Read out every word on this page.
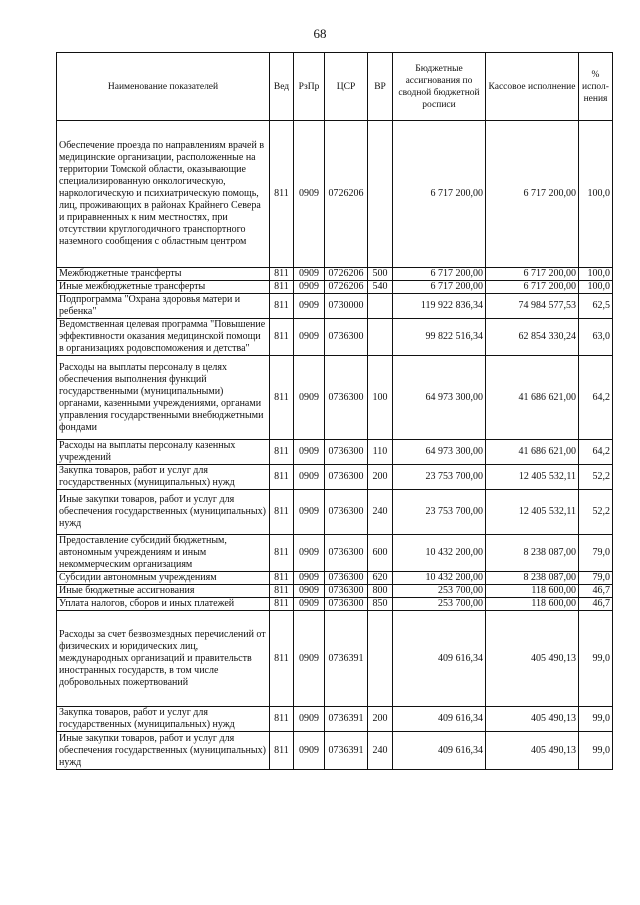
68
Наименование показателей	Вед	РзПр	ЦСР	ВР	Бюджетные ассигнования по сводной бюджетной росписи	Кассовое исполнение	% испол-нения
Обеспечение проезда по направлениям врачей в медицинские организации, расположенные на территории Томской области, оказывающие специализированную онкологическую, наркологическую и психиатрическую помощь, лиц, проживающих в районах Крайнего Севера и приравненных к ним местностях, при отсутствии круглогодичного транспортного наземного сообщения с областным центром	811	0909	0726206		6 717 200,00	6 717 200,00	100,0
Межбюджетные трансферты	811	0909	0726206	500	6 717 200,00	6 717 200,00	100,0
Иные межбюджетные трансферты	811	0909	0726206	540	6 717 200,00	6 717 200,00	100,0
Подпрограмма "Охрана здоровья матери и ребенка"	811	0909	0730000		119 922 836,34	74 984 577,53	62,5
Ведомственная целевая программа "Повышение эффективности оказания медицинской помощи в организациях родовспоможения и детства"	811	0909	0736300		99 822 516,34	62 854 330,24	63,0
Расходы на выплаты персоналу в целях обеспечения выполнения функций государственными (муниципальными) органами, казенными учреждениями, органами управления государственными внебюджетными фондами	811	0909	0736300	100	64 973 300,00	41 686 621,00	64,2
Расходы на выплаты персоналу казенных учреждений	811	0909	0736300	110	64 973 300,00	41 686 621,00	64,2
Закупка товаров, работ и услуг для государственных (муниципальных) нужд	811	0909	0736300	200	23 753 700,00	12 405 532,11	52,2
Иные закупки товаров, работ и услуг для обеспечения государственных (муниципальных) нужд	811	0909	0736300	240	23 753 700,00	12 405 532,11	52,2
Предоставление субсидий бюджетным, автономным учреждениям и иным некоммерческим организациям	811	0909	0736300	600	10 432 200,00	8 238 087,00	79,0
Субсидии автономным учреждениям	811	0909	0736300	620	10 432 200,00	8 238 087,00	79,0
Иные бюджетные ассигнования	811	0909	0736300	800	253 700,00	118 600,00	46,7
Уплата налогов, сборов и иных платежей	811	0909	0736300	850	253 700,00	118 600,00	46,7
Расходы за счет безвозмездных перечислений от физических и юридических лиц, международных организаций и правительств иностранных государств, в том числе добровольных пожертвований	811	0909	0736391		409 616,34	405 490,13	99,0
Закупка товаров, работ и услуг для государственных (муниципальных) нужд	811	0909	0736391	200	409 616,34	405 490,13	99,0
Иные закупки товаров, работ и услуг для обеспечения государственных (муниципальных) нужд	811	0909	0736391	240	409 616,34	405 490,13	99,0
